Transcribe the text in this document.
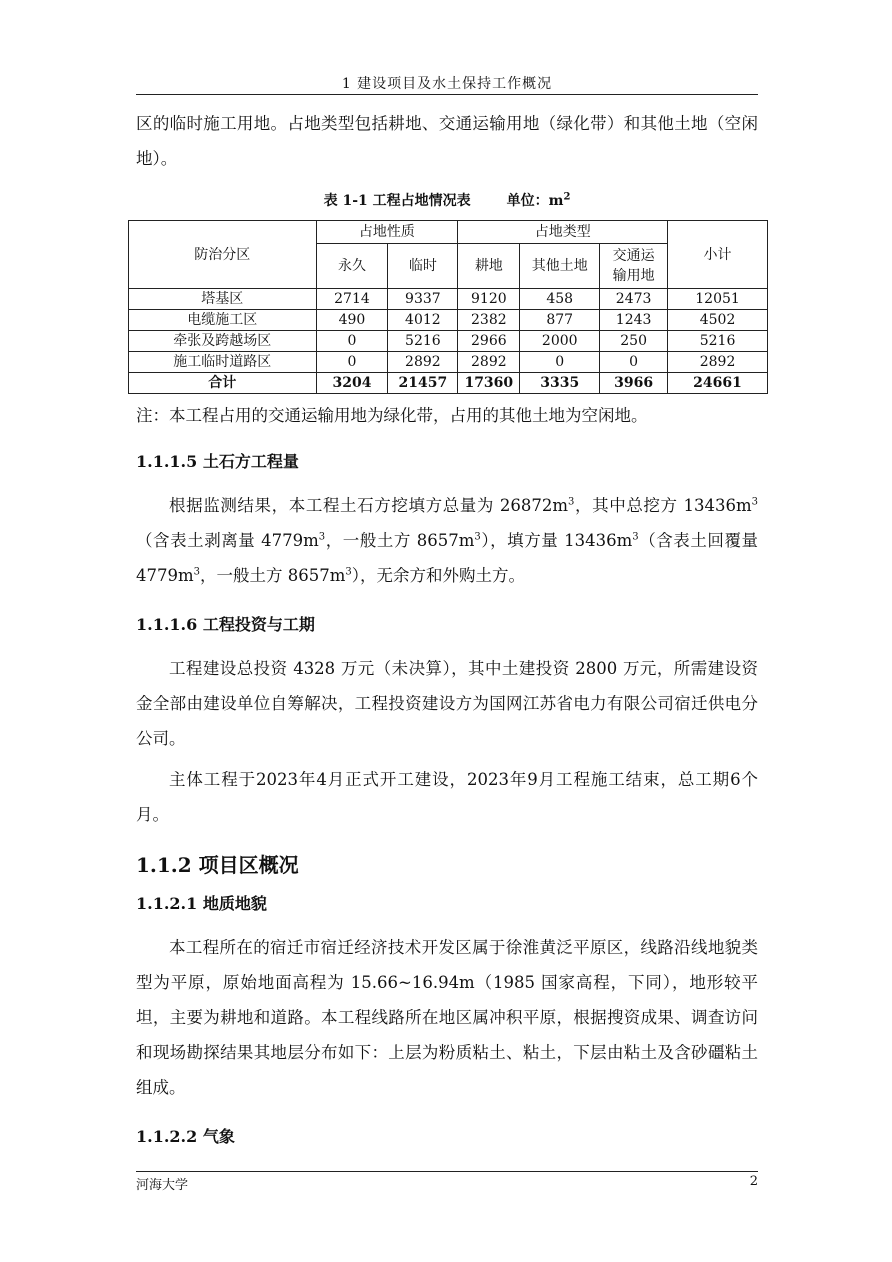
1 建设项目及水土保持工作概况

区的临时施工用地。占地类型包括耕地、交通运输用地（绿化带）和其他土地（空闲地）。

表 1-1 工程占地情况表	单位：$m^2$
防治分区	占地性质		占地类型			小计
	永久	临时	耕地	其他土地	交通运输用地	
塔基区	2714	9337	9120	458	2473	12051
电缆施工区	490	4012	2382	877	1243	4502
牵张及跨越场区	0	5216	2966	2000	250	5216
施工临时道路区	0	2892	2892	0	0	2892
合计	3204	21457	17360	3335	3966	24661
注：本工程占用的交通运输用地为绿化带，占用的其他土地为空闲地。
1.1.1.5 土石方工程量

根据监测结果，本工程土石方挖填方总量为 $26872m^3$，其中总挖方 $13436m^3$（含表土剥离量 $4779m^3$，一般土方 $8657m^3$），填方量 $13436m^3$（含表土回覆量 $4779m^3$，一般土方 $8657m^3$），无余方和外购土方。

1.1.1.6 工程投资与工期

工程建设总投资 4328 万元（未决算），其中土建投资 2800 万元，所需建设资金全部由建设单位自筹解决，工程投资建设方为国网江苏省电力有限公司宿迁供电分公司。

主体工程于2023年4月正式开工建设，2023年9月工程施工结束，总工期6个月。

1.1.2 项目区概况
1.1.2.1 地质地貌

本工程所在的宿迁市宿迁经济技术开发区属于徐淮黄泛平原区，线路沿线地貌类型为平原，原始地面高程为 15.66~16.94m（1985 国家高程，下同），地形较平坦，主要为耕地和道路。本工程线路所在地区属冲积平原，根据搜资成果、调查访问和现场勘探结果其地层分布如下：上层为粉质粘土、粘土，下层由粘土及含砂礓粘土组成。

1.1.2.2 气象
河海大学	2
